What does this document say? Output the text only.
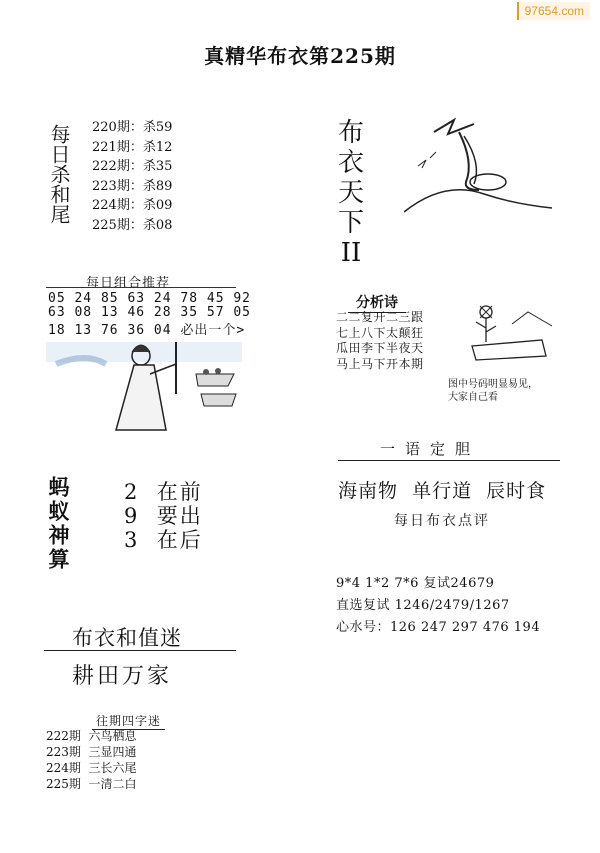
97654.com
真精华布衣第225期
每日杀和尾 220期：杀59
221期：杀12
222期：杀35
223期：杀89
224期：杀09
225期：杀08
每日组合推荐
05 24 85 63 24 78 45 92
63 08 13 46 28 35 57 05
18 13 76 36 04 必出一个>
蚂蚁神算	2 在前
9 要出
3 在后
布
衣
天
下
II
分析诗
二二复开二三跟
七上八下太颠狂
瓜田李下半夜天
马上马下开本期
图中号码明显易见，
大家自己看
一语定胆
海南物  单行道  辰时食
每日布衣点评
9*4 1*2 7*6 复试24679
直选复试 1246/2479/1267
心水号：126 247 297 476 194
布衣和值迷
耕田万家
往期四字迷
222期 六鸟栖息
223期 三显四通
224期 三长六尾
225期 一清二白
